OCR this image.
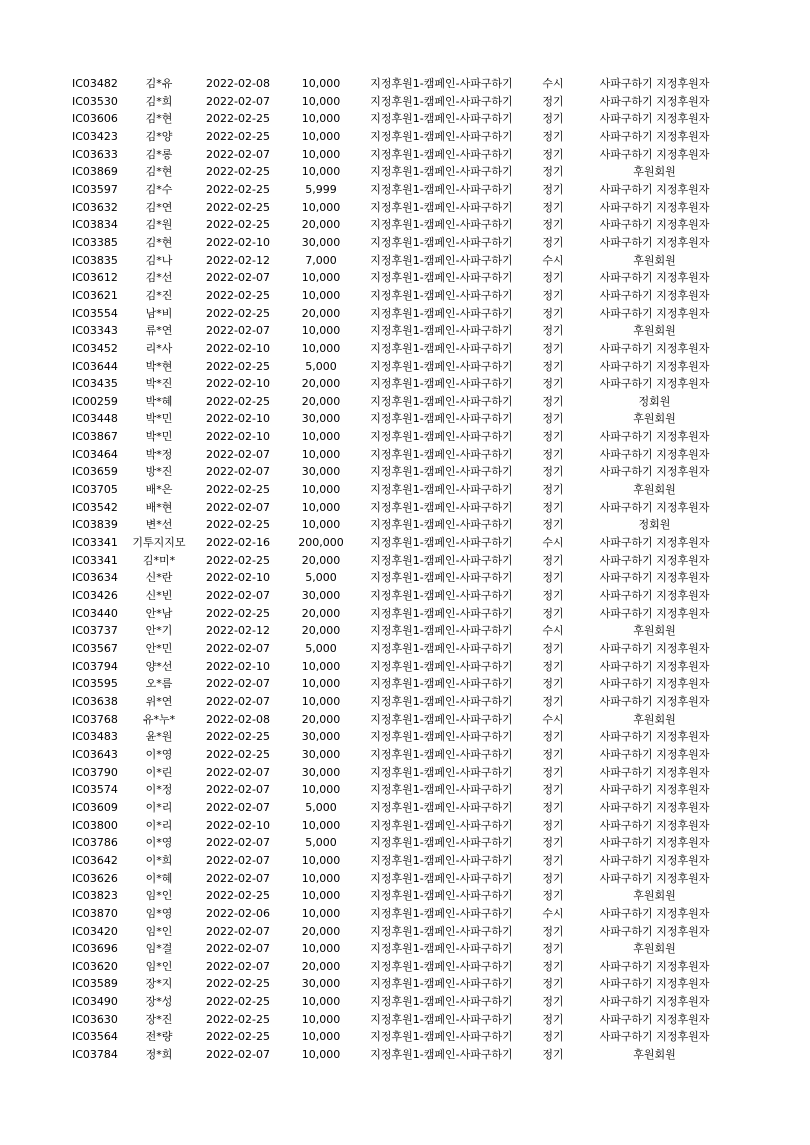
IC03482	김*유	2022-02-08	10,000	지정후원1-캠페인-사파구하기	수시	사파구하기 지정후원자
IC03530	김*희	2022-02-07	10,000	지정후원1-캠페인-사파구하기	정기	사파구하기 지정후원자
IC03606	김*현	2022-02-25	10,000	지정후원1-캠페인-사파구하기	정기	사파구하기 지정후원자
IC03423	김*양	2022-02-25	10,000	지정후원1-캠페인-사파구하기	정기	사파구하기 지정후원자
IC03633	김*롱	2022-02-07	10,000	지정후원1-캠페인-사파구하기	정기	사파구하기 지정후원자
IC03869	김*현	2022-02-25	10,000	지정후원1-캠페인-사파구하기	정기	후원회원
IC03597	김*수	2022-02-25	5,999	지정후원1-캠페인-사파구하기	정기	사파구하기 지정후원자
IC03632	김*연	2022-02-25	10,000	지정후원1-캠페인-사파구하기	정기	사파구하기 지정후원자
IC03834	김*원	2022-02-25	20,000	지정후원1-캠페인-사파구하기	정기	사파구하기 지정후원자
IC03385	김*현	2022-02-10	30,000	지정후원1-캠페인-사파구하기	정기	사파구하기 지정후원자
IC03835	김*나	2022-02-12	7,000	지정후원1-캠페인-사파구하기	수시	후원회원
IC03612	김*선	2022-02-07	10,000	지정후원1-캠페인-사파구하기	정기	사파구하기 지정후원자
IC03621	김*진	2022-02-25	10,000	지정후원1-캠페인-사파구하기	정기	사파구하기 지정후원자
IC03554	남*비	2022-02-25	20,000	지정후원1-캠페인-사파구하기	정기	사파구하기 지정후원자
IC03343	류*연	2022-02-07	10,000	지정후원1-캠페인-사파구하기	정기	후원회원
IC03452	리*사	2022-02-10	10,000	지정후원1-캠페인-사파구하기	정기	사파구하기 지정후원자
IC03644	박*현	2022-02-25	5,000	지정후원1-캠페인-사파구하기	정기	사파구하기 지정후원자
IC03435	박*진	2022-02-10	20,000	지정후원1-캠페인-사파구하기	정기	사파구하기 지정후원자
IC00259	박*혜	2022-02-25	20,000	지정후원1-캠페인-사파구하기	정기	정회원
IC03448	박*민	2022-02-10	30,000	지정후원1-캠페인-사파구하기	정기	후원회원
IC03867	박*민	2022-02-10	10,000	지정후원1-캠페인-사파구하기	정기	사파구하기 지정후원자
IC03464	박*정	2022-02-07	10,000	지정후원1-캠페인-사파구하기	정기	사파구하기 지정후원자
IC03659	방*진	2022-02-07	30,000	지정후원1-캠페인-사파구하기	정기	사파구하기 지정후원자
IC03705	배*은	2022-02-25	10,000	지정후원1-캠페인-사파구하기	정기	후원회원
IC03542	배*현	2022-02-07	10,000	지정후원1-캠페인-사파구하기	정기	사파구하기 지정후원자
IC03839	변*선	2022-02-25	10,000	지정후원1-캠페인-사파구하기	정기	정회원
IC03341	기투지지모	2022-02-16	200,000	지정후원1-캠페인-사파구하기	수시	사파구하기 지정후원자
IC03341	김*미*	2022-02-25	20,000	지정후원1-캠페인-사파구하기	정기	사파구하기 지정후원자
IC03634	신*란	2022-02-10	5,000	지정후원1-캠페인-사파구하기	정기	사파구하기 지정후원자
IC03426	신*빈	2022-02-07	30,000	지정후원1-캠페인-사파구하기	정기	사파구하기 지정후원자
IC03440	안*남	2022-02-25	20,000	지정후원1-캠페인-사파구하기	정기	사파구하기 지정후원자
IC03737	안*기	2022-02-12	20,000	지정후원1-캠페인-사파구하기	수시	후원회원
IC03567	안*민	2022-02-07	5,000	지정후원1-캠페인-사파구하기	정기	사파구하기 지정후원자
IC03794	양*선	2022-02-10	10,000	지정후원1-캠페인-사파구하기	정기	사파구하기 지정후원자
IC03595	오*름	2022-02-07	10,000	지정후원1-캠페인-사파구하기	정기	사파구하기 지정후원자
IC03638	위*연	2022-02-07	10,000	지정후원1-캠페인-사파구하기	정기	사파구하기 지정후원자
IC03768	유*누*	2022-02-08	20,000	지정후원1-캠페인-사파구하기	수시	후원회원
IC03483	윤*원	2022-02-25	30,000	지정후원1-캠페인-사파구하기	정기	사파구하기 지정후원자
IC03643	이*영	2022-02-25	30,000	지정후원1-캠페인-사파구하기	정기	사파구하기 지정후원자
IC03790	이*린	2022-02-07	30,000	지정후원1-캠페인-사파구하기	정기	사파구하기 지정후원자
IC03574	이*정	2022-02-07	10,000	지정후원1-캠페인-사파구하기	정기	사파구하기 지정후원자
IC03609	이*리	2022-02-07	5,000	지정후원1-캠페인-사파구하기	정기	사파구하기 지정후원자
IC03800	이*리	2022-02-10	10,000	지정후원1-캠페인-사파구하기	정기	사파구하기 지정후원자
IC03786	이*영	2022-02-07	5,000	지정후원1-캠페인-사파구하기	정기	사파구하기 지정후원자
IC03642	이*희	2022-02-07	10,000	지정후원1-캠페인-사파구하기	정기	사파구하기 지정후원자
IC03626	이*혜	2022-02-07	10,000	지정후원1-캠페인-사파구하기	정기	사파구하기 지정후원자
IC03823	임*인	2022-02-25	10,000	지정후원1-캠페인-사파구하기	정기	후원회원
IC03870	임*영	2022-02-06	10,000	지정후원1-캠페인-사파구하기	수시	사파구하기 지정후원자
IC03420	임*인	2022-02-07	20,000	지정후원1-캠페인-사파구하기	정기	사파구하기 지정후원자
IC03696	임*결	2022-02-07	10,000	지정후원1-캠페인-사파구하기	정기	후원회원
IC03620	임*인	2022-02-07	20,000	지정후원1-캠페인-사파구하기	정기	사파구하기 지정후원자
IC03589	장*지	2022-02-25	30,000	지정후원1-캠페인-사파구하기	정기	사파구하기 지정후원자
IC03490	장*성	2022-02-25	10,000	지정후원1-캠페인-사파구하기	정기	사파구하기 지정후원자
IC03630	장*진	2022-02-25	10,000	지정후원1-캠페인-사파구하기	정기	사파구하기 지정후원자
IC03564	전*량	2022-02-25	10,000	지정후원1-캠페인-사파구하기	정기	사파구하기 지정후원자
IC03784	정*희	2022-02-07	10,000	지정후원1-캠페인-사파구하기	정기	후원회원
